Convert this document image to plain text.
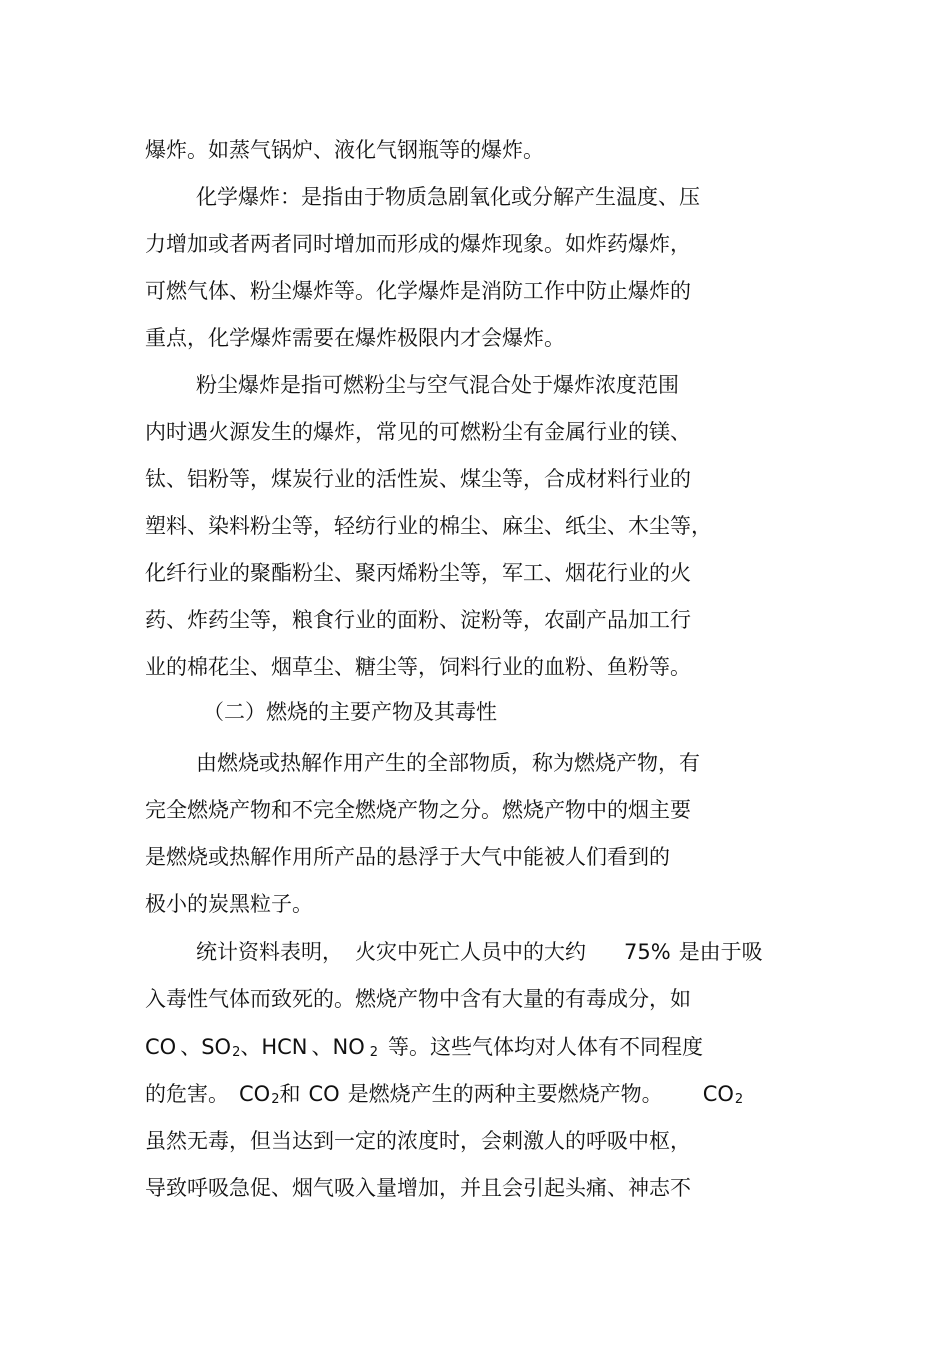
爆炸。如蒸气锅炉、液化气钢瓶等的爆炸。
化学爆炸：是指由于物质急剧氧化或分解产生温度、压
力增加或者两者同时增加而形成的爆炸现象。如炸药爆炸，
可燃气体、粉尘爆炸等。化学爆炸是消防工作中防止爆炸的
重点，化学爆炸需要在爆炸极限内才会爆炸。
粉尘爆炸是指可燃粉尘与空气混合处于爆炸浓度范围
内时遇火源发生的爆炸，常见的可燃粉尘有金属行业的镁、
钛、铝粉等，煤炭行业的活性炭、煤尘等，合成材料行业的
塑料、染料粉尘等，轻纺行业的棉尘、麻尘、纸尘、木尘等，
化纤行业的聚酯粉尘、聚丙烯粉尘等，军工、烟花行业的火
药、炸药尘等，粮食行业的面粉、淀粉等，农副产品加工行
业的棉花尘、烟草尘、糖尘等，饲料行业的血粉、鱼粉等。
（二）燃烧的主要产物及其毒性
由燃烧或热解作用产生的全部物质，称为燃烧产物，有
完全燃烧产物和不完全燃烧产物之分。燃烧产物中的烟主要
是燃烧或热解作用所产品的悬浮于大气中能被人们看到的
极小的炭黑粒子。
统计资料表明， 火灾中死亡人员中的大约 75% 是由于吸
入毒性气体而致死的。燃烧产物中含有大量的有毒成分，如
CO 、$SO_2$、HCN 、NO $_2$ 等。这些气体均对人体有不同程度
的危害。 $CO_2$和 CO 是燃烧产生的两种主要燃烧产物。 $CO_2$
虽然无毒，但当达到一定的浓度时，会刺激人的呼吸中枢，
导致呼吸急促、烟气吸入量增加，并且会引起头痛、神志不
